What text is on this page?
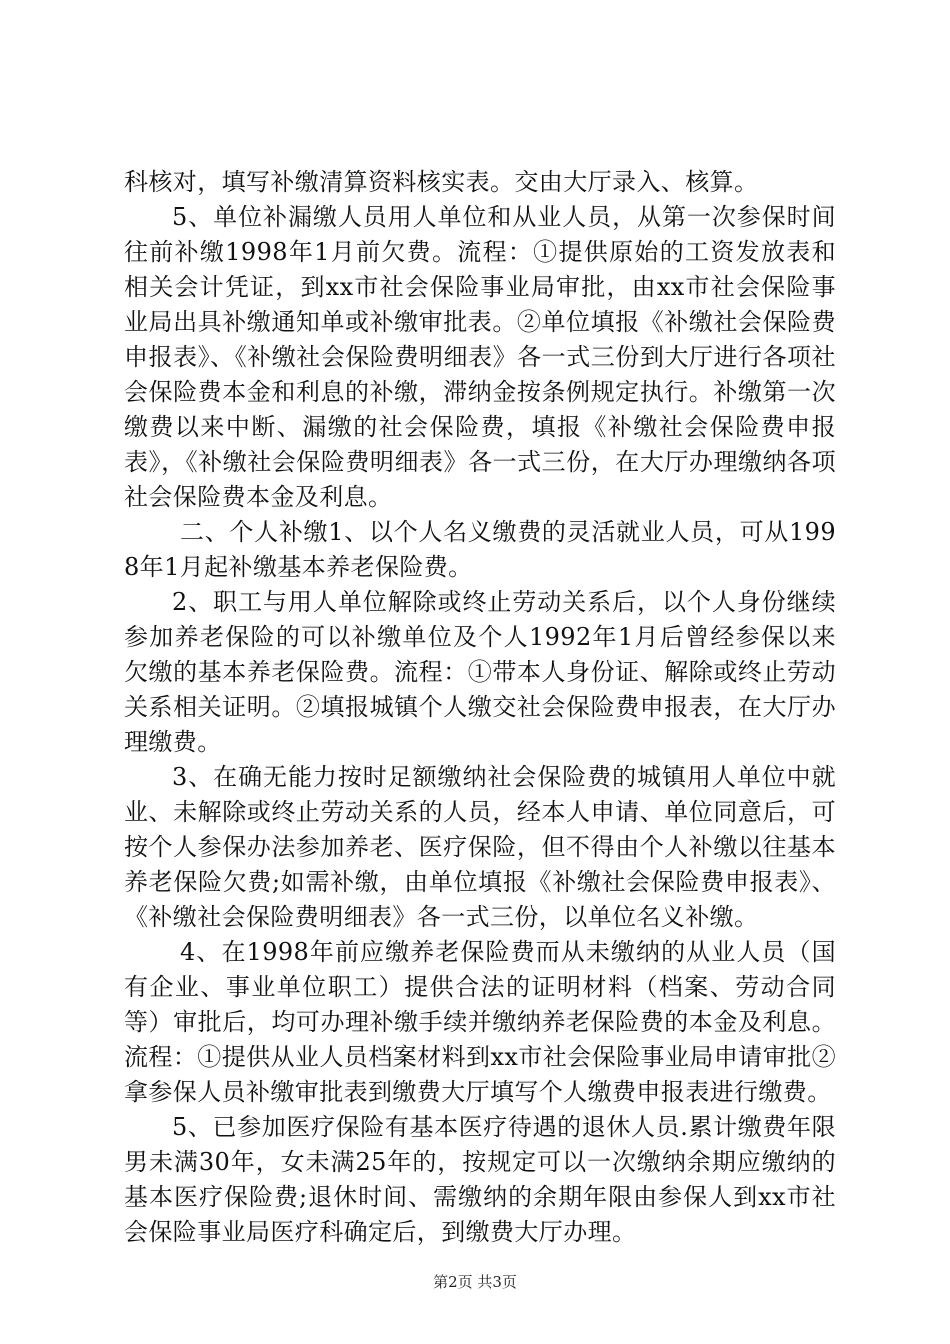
科核对，填写补缴清算资料核实表。交由大厅录入、核算。

5、单位补漏缴人员用人单位和从业人员，从第一次参保时间往前补缴1998年1月前欠费。流程：①提供原始的工资发放表和相关会计凭证，到xx市社会保险事业局审批，由xx市社会保险事业局出具补缴通知单或补缴审批表。②单位填报《补缴社会保险费申报表》、《补缴社会保险费明细表》各一式三份到大厅进行各项社会保险费本金和利息的补缴，滞纳金按条例规定执行。补缴第一次缴费以来中断、漏缴的社会保险费，填报《补缴社会保险费申报表》，《补缴社会保险费明细表》各一式三份，在大厅办理缴纳各项社会保险费本金及利息。

二、个人补缴1、以个人名义缴费的灵活就业人员，可从1998年1月起补缴基本养老保险费。

2、职工与用人单位解除或终止劳动关系后，以个人身份继续参加养老保险的可以补缴单位及个人1992年1月后曾经参保以来欠缴的基本养老保险费。流程：①带本人身份证、解除或终止劳动关系相关证明。②填报城镇个人缴交社会保险费申报表，在大厅办理缴费。

3、在确无能力按时足额缴纳社会保险费的城镇用人单位中就业、未解除或终止劳动关系的人员，经本人申请、单位同意后，可按个人参保办法参加养老、医疗保险，但不得由个人补缴以往基本养老保险欠费;如需补缴，由单位填报《补缴社会保险费申报表》、《补缴社会保险费明细表》各一式三份，以单位名义补缴。

4、在1998年前应缴养老保险费而从未缴纳的从业人员（国有企业、事业单位职工）提供合法的证明材料（档案、劳动合同等）审批后，均可办理补缴手续并缴纳养老保险费的本金及利息。流程：①提供从业人员档案材料到xx市社会保险事业局申请审批②拿参保人员补缴审批表到缴费大厅填写个人缴费申报表进行缴费。

5、已参加医疗保险有基本医疗待遇的退休人员.累计缴费年限男未满30年，女未满25年的，按规定可以一次缴纳余期应缴纳的基本医疗保险费;退休时间、需缴纳的余期年限由参保人到xx市社会保险事业局医疗科确定后，到缴费大厅办理。

第2页 共3页
